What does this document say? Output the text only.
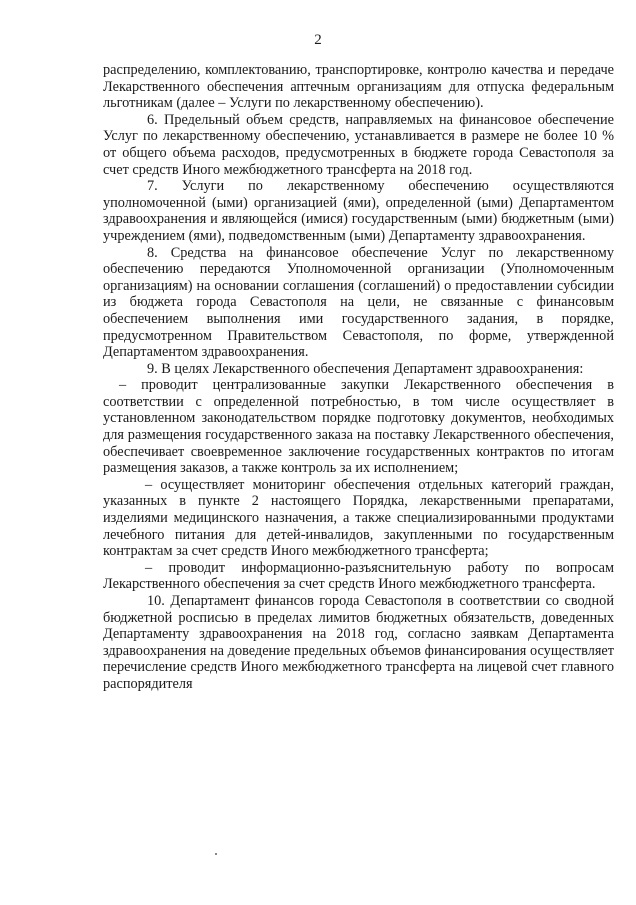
2

распределению, комплектованию, транспортировке, контролю качества и передаче Лекарственного обеспечения аптечным организациям для отпуска федеральным льготникам (далее – Услуги по лекарственному обеспечению).

6. Предельный объем средств, направляемых на финансовое обеспечение Услуг по лекарственному обеспечению, устанавливается в размере не более 10 % от общего объема расходов, предусмотренных в бюджете города Севастополя за счет средств Иного межбюджетного трансферта на 2018 год.

7. Услуги по лекарственному обеспечению осуществляются уполномоченной (ыми) организацией (ями), определенной (ыми) Департаментом здравоохранения и являющейся (имися) государственным (ыми) бюджетным (ыми) учреждением (ями), подведомственным (ыми) Департаменту здравоохранения.

8. Средства на финансовое обеспечение Услуг по лекарственному обеспечению передаются Уполномоченной организации (Уполномоченным организациям) на основании соглашения (соглашений) о предоставлении субсидии из бюджета города Севастополя на цели, не связанные с финансовым обеспечением выполнения ими государственного задания, в порядке, предусмотренном Правительством Севастополя, по форме, утвержденной Департаментом здравоохранения.

9. В целях Лекарственного обеспечения Департамент здравоохранения:

– проводит централизованные закупки Лекарственного обеспечения в соответствии с определенной потребностью, в том числе осуществляет в установленном законодательством порядке подготовку документов, необходимых для размещения государственного заказа на поставку Лекарственного обеспечения, обеспечивает своевременное заключение государственных контрактов по итогам размещения заказов, а также контроль за их исполнением;

– осуществляет мониторинг обеспечения отдельных категорий граждан, указанных в пункте 2 настоящего Порядка, лекарственными препаратами, изделиями медицинского назначения, а также специализированными продуктами лечебного питания для детей-инвалидов, закупленными по государственным контрактам за счет средств Иного межбюджетного трансферта;

– проводит информационно-разъяснительную работу по вопросам Лекарственного обеспечения за счет средств Иного межбюджетного трансферта.

10. Департамент финансов города Севастополя в соответствии со сводной бюджетной росписью в пределах лимитов бюджетных обязательств, доведенных Департаменту здравоохранения на 2018 год, согласно заявкам Департамента здравоохранения на доведение предельных объемов финансирования осуществляет перечисление средств Иного межбюджетного трансферта на лицевой счет главного распорядителя
